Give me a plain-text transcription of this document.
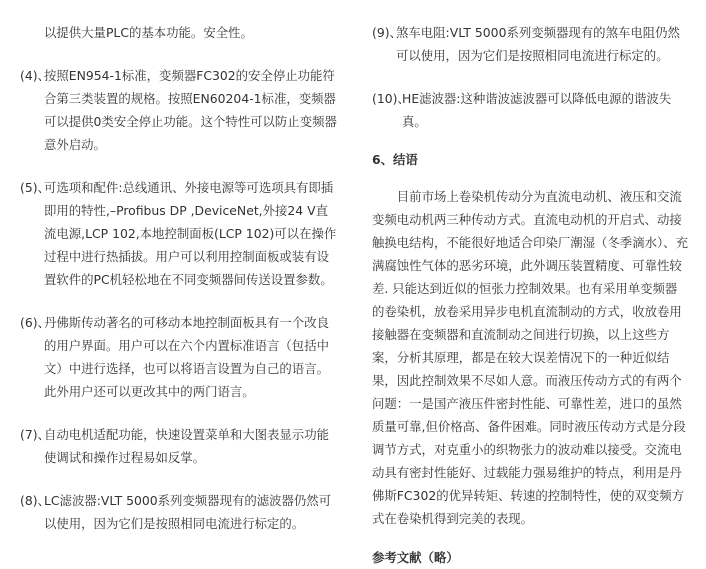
以提供大量PLC的基本功能。安全性。

(4)、
按照EN954-1标准，变频器FC302的安全停止功能符合第三类装置的规格。按照EN60204-1标准，变频器可以提供0类安全停止功能。这个特性可以防止变频器意外启动。
(5)、
可选项和配件:总线通讯、外接电源等可选项具有即插即用的特性,–Profibus DP ,DeviceNet,外接24 V直流电源,LCP 102,本地控制面板(LCP 102)可以在操作过程中进行热插拔。用户可以利用控制面板或装有设置软件的PC机轻松地在不同变频器间传送设置参数。
(6)、
丹佛斯传动著名的可移动本地控制面板具有一个改良的用户界面。用户可以在六个内置标准语言（包括中文）中进行选择，也可以将语言设置为自己的语言。此外用户还可以更改其中的两门语言。
(7)、
自动电机适配功能，快速设置菜单和大图表显示功能使调试和操作过程易如反掌。
(8)、
LC滤波器:VLT 5000系列变频器现有的滤波器仍然可以使用，因为它们是按照相同电流进行标定的。
(9)、
煞车电阻:VLT 5000系列变频器现有的煞车电阻仍然可以使用，因为它们是按照相同电流进行标定的。
(10)、
HE滤波器:这种谐波滤波器可以降低电源的谐波失真。

6、结语

目前市场上卷染机传动分为直流电动机、液压和交流变频电动机两三种传动方式。直流电动机的开启式、动接触换电结构，不能很好地适合印染厂潮湿（冬季滴水）、充满腐蚀性气体的恶劣环境，此外调压装置精度、可靠性较差. 只能达到近似的恒张力控制效果。也有采用单变频器的卷染机，放卷采用异步电机直流制动的方式，收放卷用接触器在变频器和直流制动之间进行切换，以上这些方案，分析其原理，都是在较大误差情况下的一种近似结果，因此控制效果不尽如人意。而液压传动方式的有两个问题：一是国产液压件密封性能、可靠性差，进口的虽然质量可靠,但价格高、备件困难。同时液压传动方式是分段调节方式，对克重小的织物张力的波动难以接受。交流电动具有密封性能好、过载能力强易维护的特点，利用是丹佛斯FC302的优异转矩、转速的控制特性，使的双变频方式在卷染机得到完美的表现。

参考文献（略）
